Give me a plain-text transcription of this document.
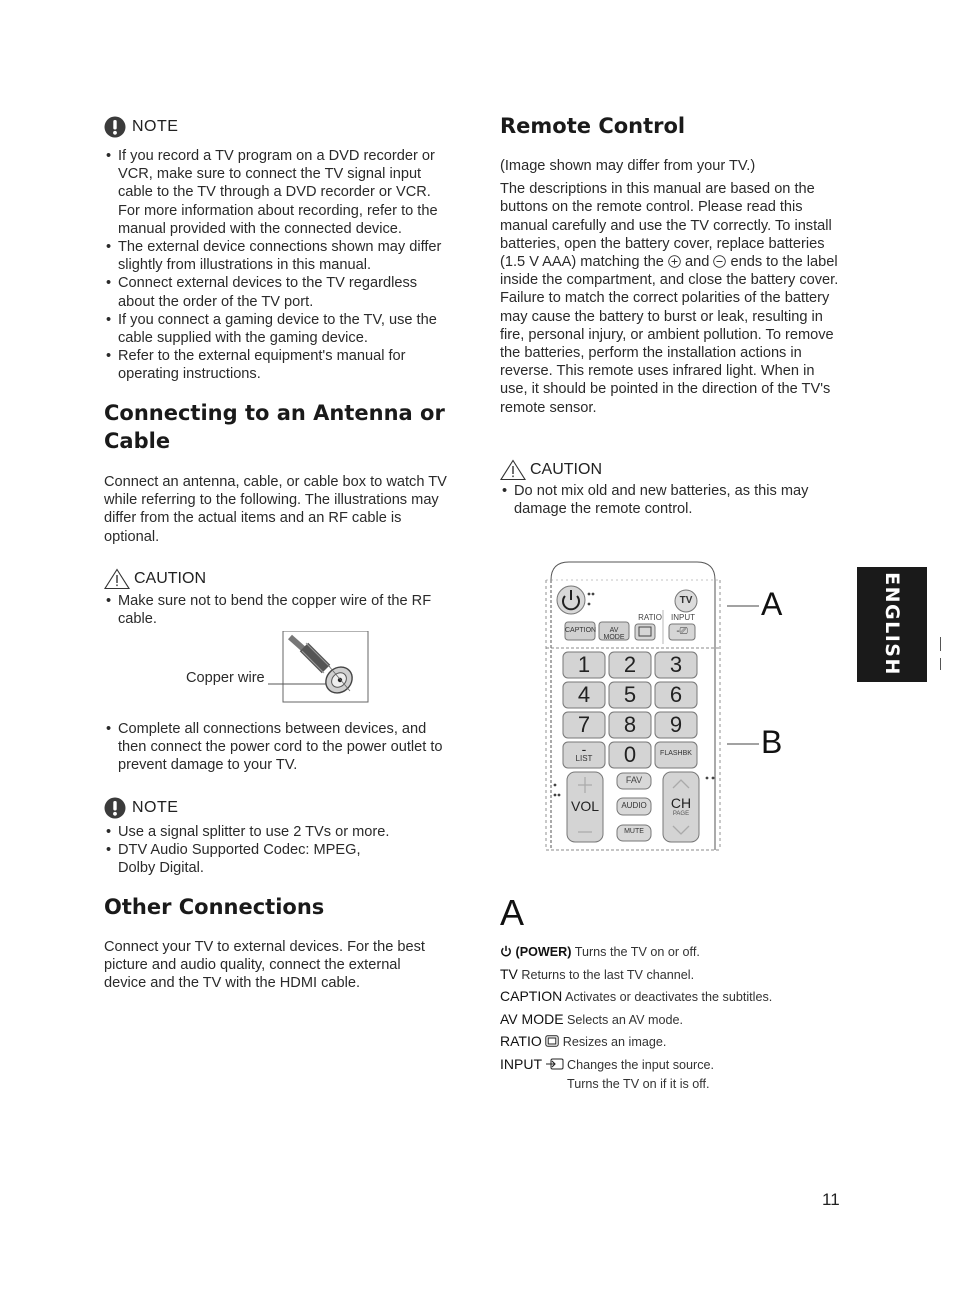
NOTE
• If you record a TV program on a DVD recorder or VCR, make sure to connect the TV signal input cable to the TV through a DVD recorder or VCR. For more information about recording, refer to the manual provided with the connected device.
• The external device connections shown may differ slightly from illustrations in this manual.
• Connect external devices to the TV regardless about the order of the TV port.
• If you connect a gaming device to the TV, use the cable supplied with the gaming device.
• Refer to the external equipment's manual for operating instructions.
Connecting to an Antenna or
Cable
Connect an antenna, cable, or cable box to watch TV while referring to the following. The illustrations may differ from the actual items and an RF cable is optional.
CAUTION
• Make sure not to bend the copper wire of the RF cable.
Copper wire
• Complete all connections between devices, and then connect the power cord to the power outlet to prevent damage to your TV.
NOTE
• Use a signal splitter to use 2 TVs or more.
• DTV Audio Supported Codec: MPEG, Dolby Digital.
Other Connections
Connect your TV to external devices. For the best picture and audio quality, connect the external device and the TV with the HDMI cable.
Remote Control

(Image shown may differ from your TV.)

The descriptions in this manual are based on the buttons on the remote control. Please read this manual carefully and use the TV correctly. To install batteries, open the battery cover, replace batteries (1.5 V AAA) matching the and ends to the label inside the compartment, and close the battery cover. Failure to match the correct polarities of the battery may cause the battery to burst or leak, resulting in fire, personal injury, or ambient pollution. To remove the batteries, perform the installation actions in reverse. This remote uses infrared light. When in use, it should be pointed in the direction of the TV's remote sensor.

CAUTION
• Do not mix old and new batteries, as this may damage the remote control.
TV
RATIO	INPUT
CAPTION	AV MODE
-⎚
1	2	3
4	5	6
7	8	9
-
LIST	0	FLASHBK
FAV
VOL	AUDIO	CH
PAGE
MUTE
A
B
A
(POWER) Turns the TV on or off.
TV Returns to the last TV channel.
CAPTION Activates or deactivates the subtitles.
AV MODE Selects an AV mode.
RATIO Resizes an image.
INPUT Changes the input source.
Turns the TV on if it is off.
ENGLISH
11
